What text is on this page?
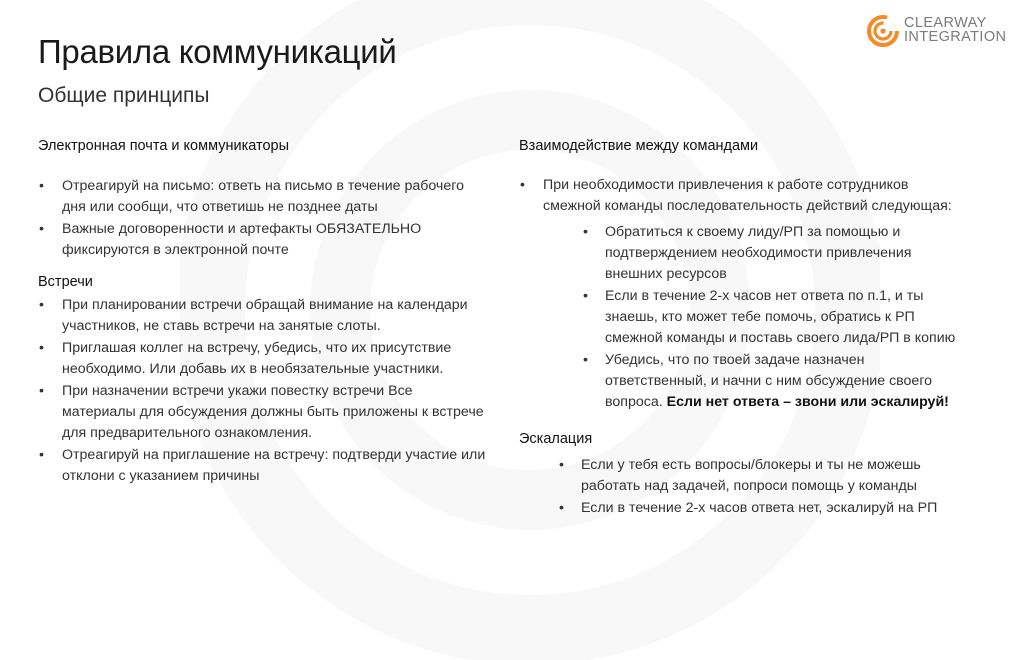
Правила коммуникаций
Общие принципы
CLEARWAY
INTEGRATION
Электронная почта и коммуникаторы
• Отреагируй на письмо: ответь на письмо в течение рабочего дня или сообщи, что ответишь не позднее даты
• Важные договоренности и артефакты ОБЯЗАТЕЛЬНО фиксируются в электронной почте
Встречи
• При планировании встречи обращай внимание на календари участников, не ставь встречи на занятые слоты.
• Приглашая коллег на встречу, убедись, что их присутствие необходимо. Или добавь их в необязательные участники.
• При назначении встречи укажи повестку встречи Все материалы для обсуждения должны быть приложены к встрече для предварительного ознакомления.
• Отреагируй на приглашение на встречу: подтверди участие или отклони с указанием причины
Взаимодействие между командами
• При необходимости привлечения к работе сотрудников смежной команды последовательность действий следующая:
• Обратиться к своему лиду/РП за помощью и подтверждением необходимости привлечения внешних ресурсов
• Если в течение 2-х часов нет ответа по п.1, и ты знаешь, кто может тебе помочь, обратись к РП смежной команды и поставь своего лида/РП в копию
• Убедись, что по твоей задаче назначен ответственный, и начни с ним обсуждение своего вопроса. Если нет ответа – звони или эскалируй!
Эскалация
• Если у тебя есть вопросы/блокеры и ты не можешь работать над задачей, попроси помощь у команды
• Если в течение 2-х часов ответа нет, эскалируй на РП
